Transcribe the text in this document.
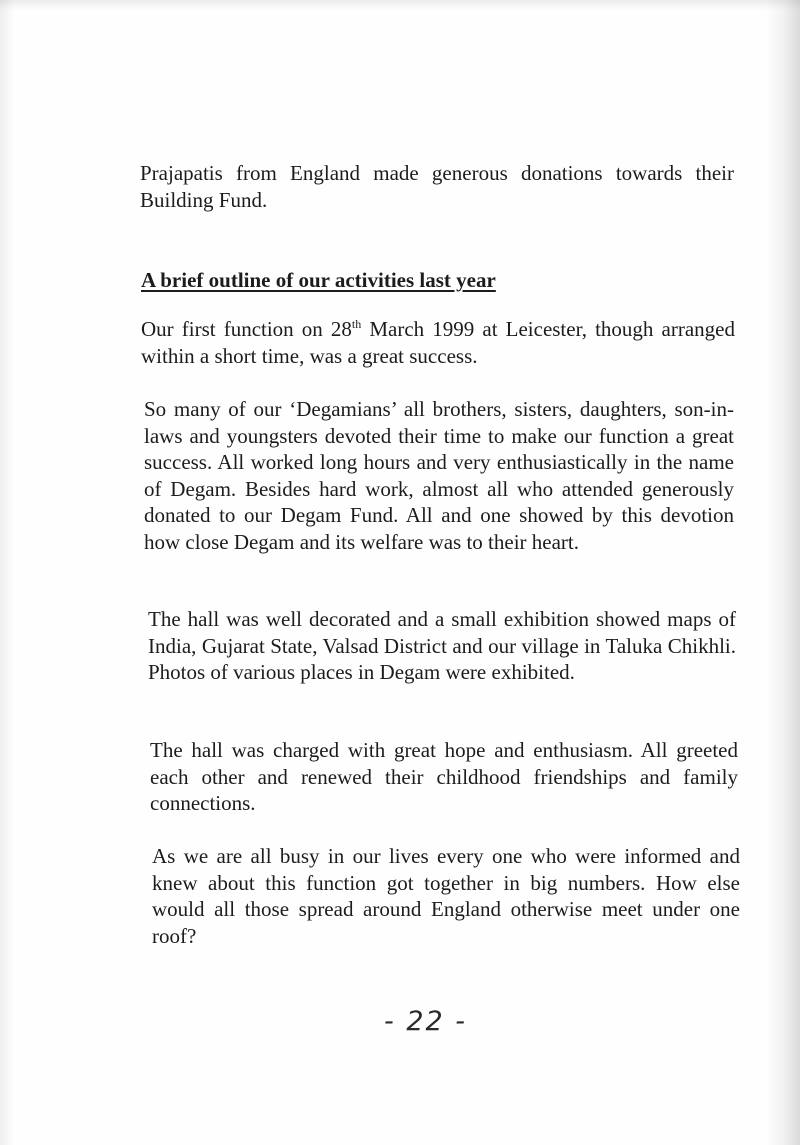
Prajapatis from England made generous donations towards their Building Fund.

A brief outline of our activities last year

Our first function on 28th March 1999 at Leicester, though arranged within a short time, was a great success.

So many of our ‘Degamians’ all brothers, sisters, daughters, son-in-laws and youngsters devoted their time to make our function a great success. All worked long hours and very enthusiastically in the name of Degam. Besides hard work, almost all who attended generously donated to our Degam Fund. All and one showed by this devotion how close Degam and its welfare was to their heart.

The hall was well decorated and a small exhibition showed maps of India, Gujarat State, Valsad District and our village in Taluka Chikhli. Photos of various places in Degam were exhibited.

The hall was charged with great hope and enthusiasm. All greeted each other and renewed their childhood friendships and family connections.

As we are all busy in our lives every one who were informed and knew about this function got together in big numbers. How else would all those spread around England otherwise meet under one roof?

- 22 -
